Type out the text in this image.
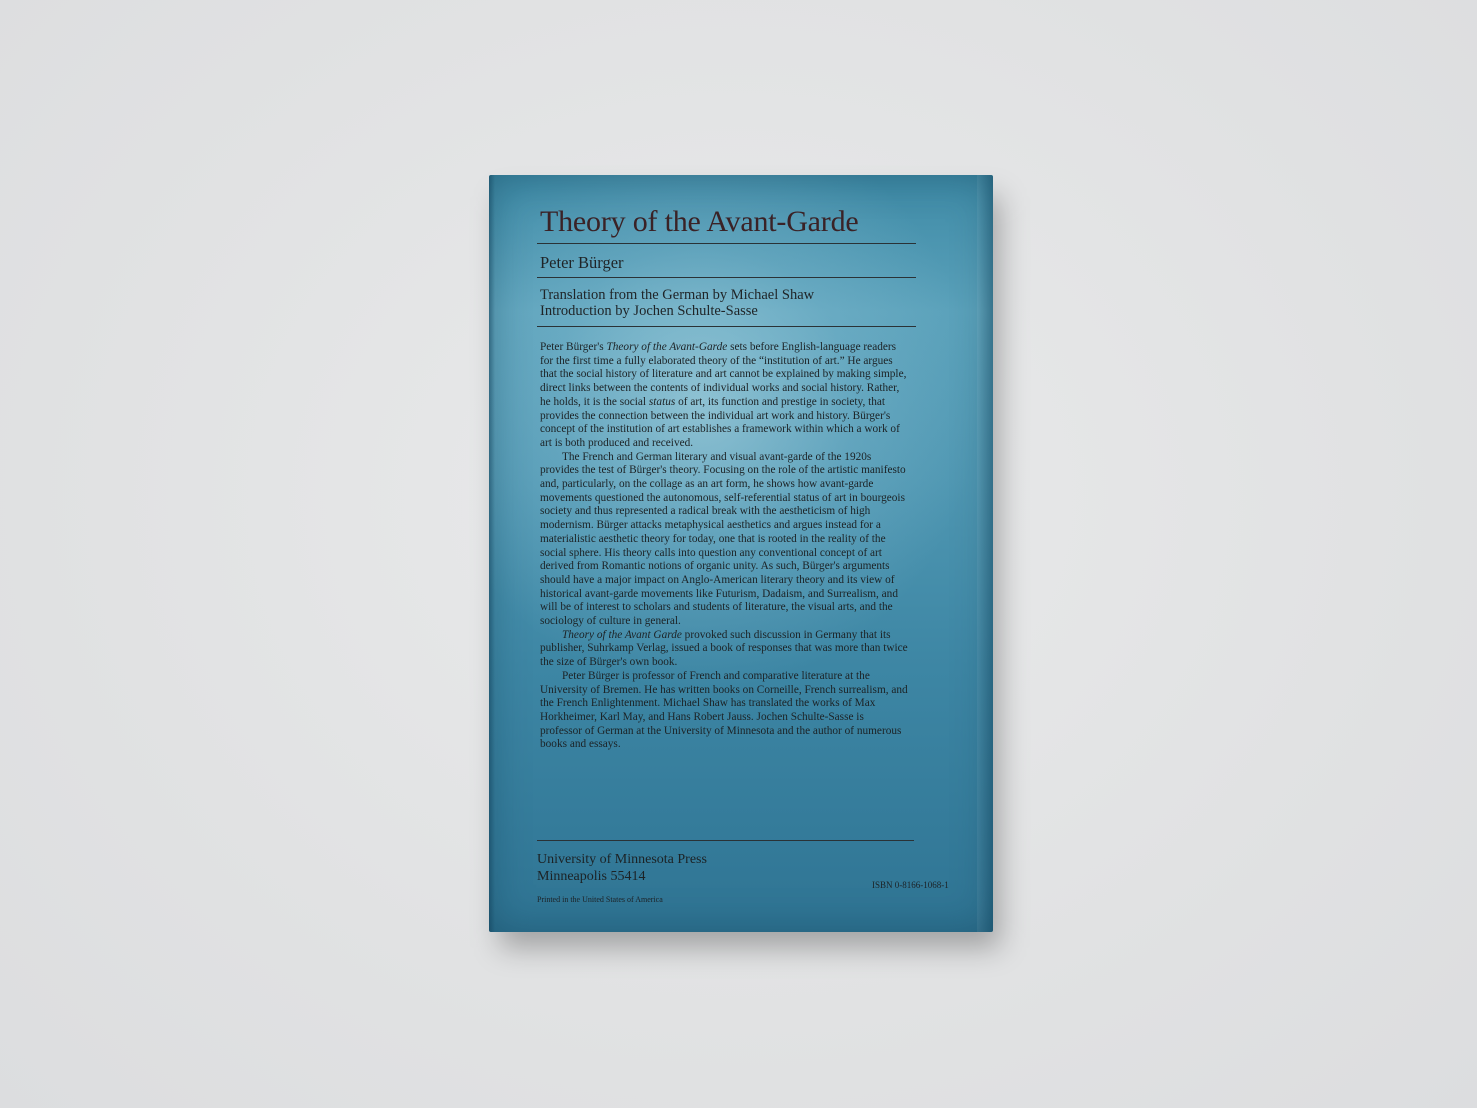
Theory of the Avant-Garde
Peter Bürger
Translation from the German by Michael Shaw
Introduction by Jochen Schulte-Sasse

Peter Bürger's Theory of the Avant-Garde sets before English-language readers for the first time a fully elaborated theory of the “institution of art.” He argues that the social history of literature and art cannot be explained by making simple, direct links between the contents of individual works and social history. Rather, he holds, it is the social status of art, its function and prestige in society, that provides the connection between the individual art work and history. Bürger's concept of the institution of art establishes a framework within which a work of art is both produced and received.

The French and German literary and visual avant-garde of the 1920s provides the test of Bürger's theory. Focusing on the role of the artistic manifesto and, particularly, on the collage as an art form, he shows how avant-garde movements questioned the autonomous, self-referential status of art in bourgeois society and thus represented a radical break with the aestheticism of high modernism. Bürger attacks metaphysical aesthetics and argues instead for a materialistic aesthetic theory for today, one that is rooted in the reality of the social sphere. His theory calls into question any conventional concept of art derived from Romantic notions of organic unity. As such, Bürger's arguments should have a major impact on Anglo-American literary theory and its view of historical avant-garde movements like Futurism, Dadaism, and Surrealism, and will be of interest to scholars and students of literature, the visual arts, and the sociology of culture in general.

Theory of the Avant Garde provoked such discussion in Germany that its publisher, Suhrkamp Verlag, issued a book of responses that was more than twice the size of Bürger's own book.

Peter Bürger is professor of French and comparative literature at the University of Bremen. He has written books on Corneille, French surrealism, and the French Enlightenment. Michael Shaw has translated the works of Max Horkheimer, Karl May, and Hans Robert Jauss. Jochen Schulte-Sasse is professor of German at the University of Minnesota and the author of numerous books and essays.

University of Minnesota Press
Minneapolis 55414
ISBN 0-8166-1068-1
Printed in the United States of America
